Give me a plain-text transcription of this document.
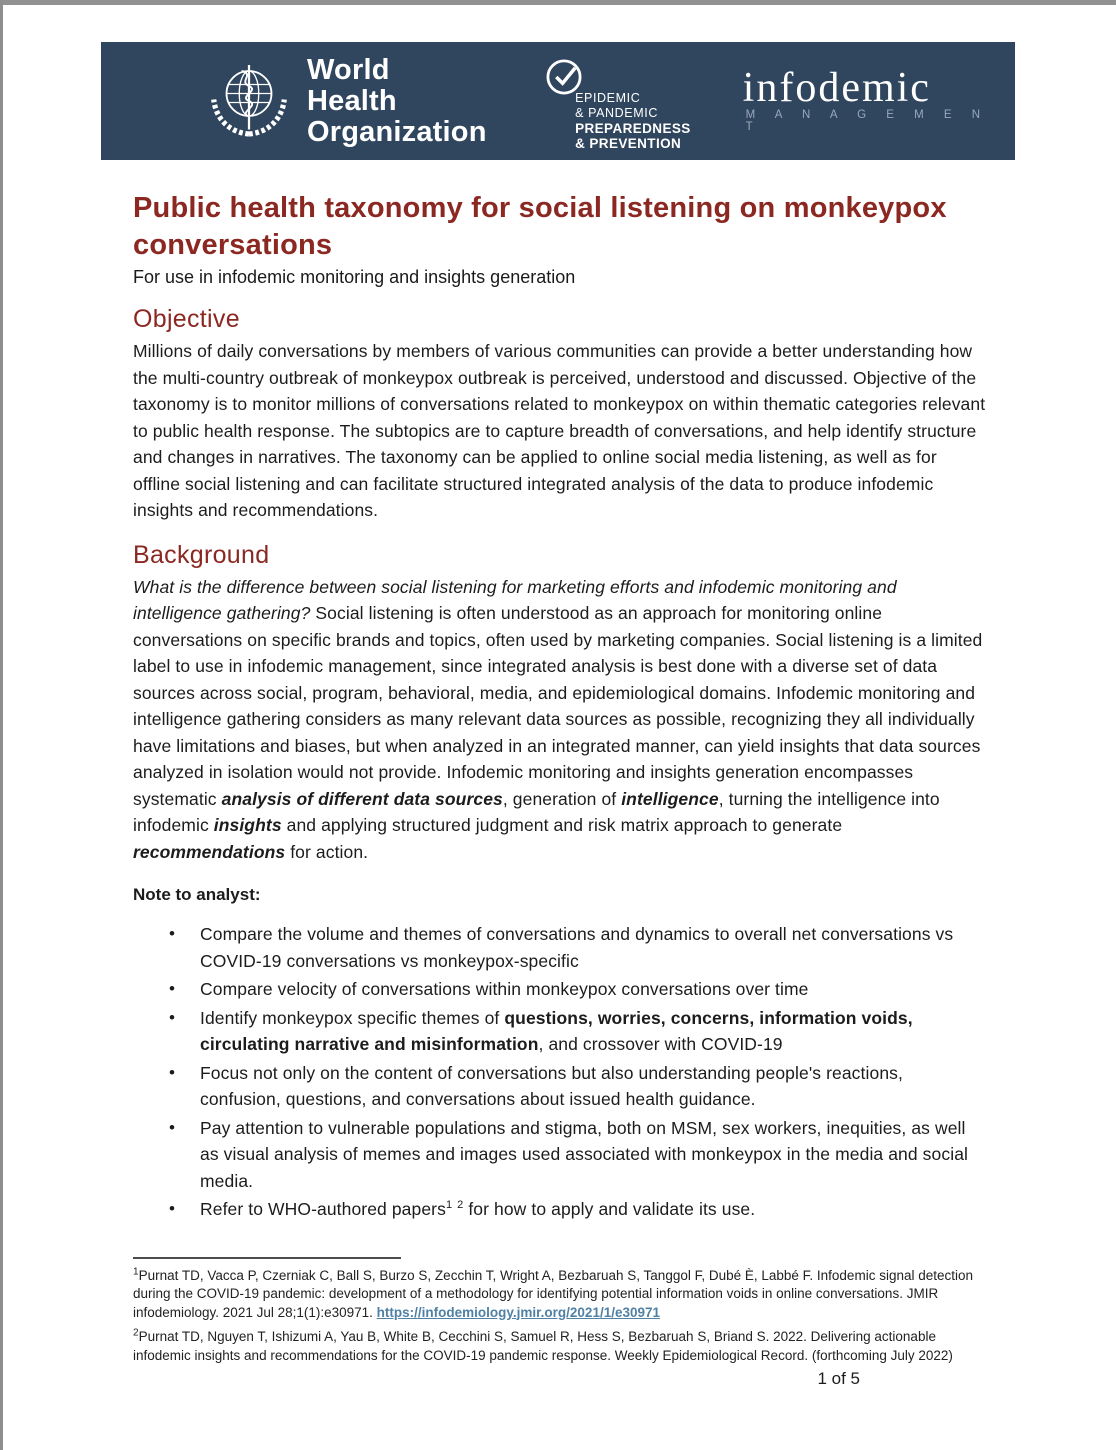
World Health
Organization
EPIDEMIC
& PANDEMIC
PREPAREDNESS
& PREVENTION
infodemic
M A N A G E M E N T
Public health taxonomy for social listening on monkeypox
conversations
For use in infodemic monitoring and insights generation
Objective

Millions of daily conversations by members of various communities can provide a better understanding how the multi-country outbreak of monkeypox outbreak is perceived, understood and discussed. Objective of the taxonomy is to monitor millions of conversations related to monkeypox on within thematic categories relevant to public health response. The subtopics are to capture breadth of conversations, and help identify structure and changes in narratives. The taxonomy can be applied to online social media listening, as well as for offline social listening and can facilitate structured integrated analysis of the data to produce infodemic insights and recommendations.

Background

What is the difference between social listening for marketing efforts and infodemic monitoring and intelligence gathering? Social listening is often understood as an approach for monitoring online conversations on specific brands and topics, often used by marketing companies. Social listening is a limited label to use in infodemic management, since integrated analysis is best done with a diverse set of data sources across social, program, behavioral, media, and epidemiological domains. Infodemic monitoring and intelligence gathering considers as many relevant data sources as possible, recognizing they all individually have limitations and biases, but when analyzed in an integrated manner, can yield insights that data sources analyzed in isolation would not provide. Infodemic monitoring and insights generation encompasses systematic analysis of different data sources, generation of intelligence, turning the intelligence into infodemic insights and applying structured judgment and risk matrix approach to generate recommendations for action.

Note to analyst:
• Compare the volume and themes of conversations and dynamics to overall net conversations vs COVID-19 conversations vs monkeypox-specific
• Compare velocity of conversations within monkeypox conversations over time
• Identify monkeypox specific themes of questions, worries, concerns, information voids, circulating narrative and misinformation, and crossover with COVID-19
• Focus not only on the content of conversations but also understanding people's reactions, confusion, questions, and conversations about issued health guidance.
• Pay attention to vulnerable populations and stigma, both on MSM, sex workers, inequities, as well as visual analysis of memes and images used associated with monkeypox in the media and social media.
• Refer to WHO-authored papers$^1$ $^2$ for how to apply and validate its use.

$^1$Purnat TD, Vacca P, Czerniak C, Ball S, Burzo S, Zecchin T, Wright A, Bezbaruah S, Tanggol F, Dubé È, Labbé F. Infodemic signal detection during the COVID-19 pandemic: development of a methodology for identifying potential information voids in online conversations. JMIR infodemiology. 2021 Jul 28;1(1):e30971. https://infodemiology.jmir.org/2021/1/e30971

$^2$Purnat TD, Nguyen T, Ishizumi A, Yau B, White B, Cecchini S, Samuel R, Hess S, Bezbaruah S, Briand S. 2022. Delivering actionable infodemic insights and recommendations for the COVID-19 pandemic response. Weekly Epidemiological Record. (forthcoming July 2022)

1 of 5
